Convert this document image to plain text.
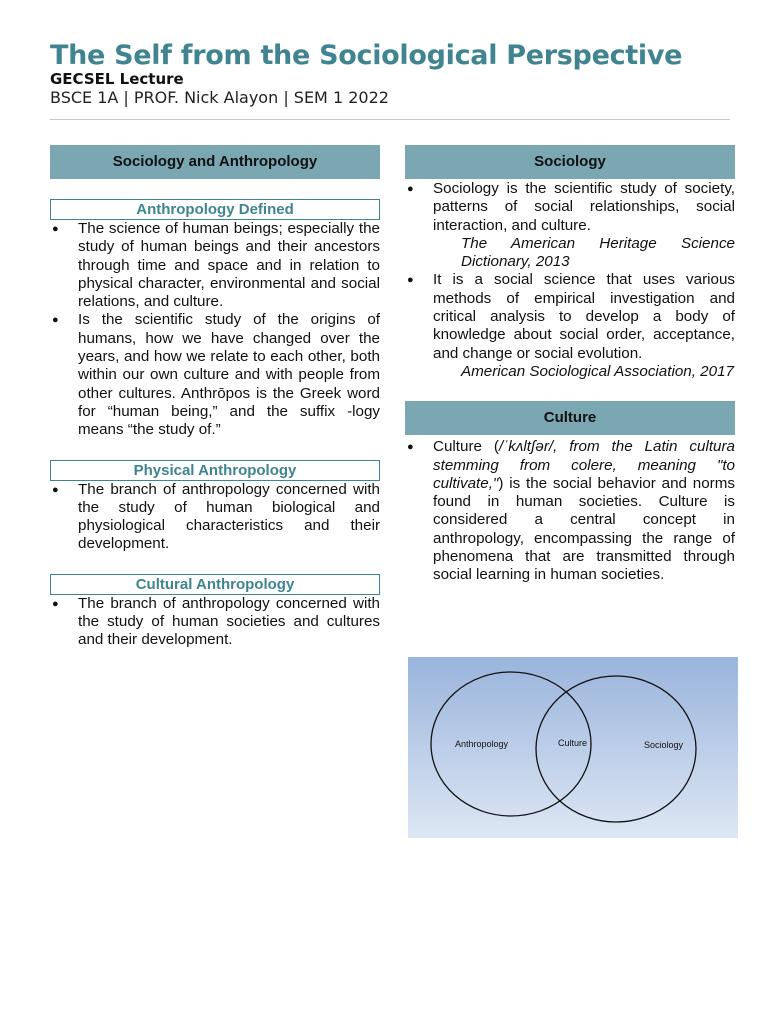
The Self from the Sociological Perspective
GECSEL Lecture
BSCE 1A | PROF. Nick Alayon | SEM 1 2022
Sociology and Anthropology
Anthropology Defined
● The science of human beings; especially the study of human beings and their ancestors through time and space and in relation to physical character, environmental and social relations, and culture.
● Is the scientific study of the origins of humans, how we have changed over the years, and how we relate to each other, both within our own culture and with people from other cultures. Anthrōpos is the Greek word for “human being,” and the suffix -logy means “the study of.”
Physical Anthropology
● The branch of anthropology concerned with the study of human biological and physiological characteristics and their development.
Cultural Anthropology
● The branch of anthropology concerned with the study of human societies and cultures and their development.
Sociology
● Sociology is the scientific study of society, patterns of social relationships, social interaction, and culture.
The American Heritage Science Dictionary, 2013
● It is a social science that uses various methods of empirical investigation and critical analysis to develop a body of knowledge about social order, acceptance, and change or social evolution.
American Sociological Association, 2017
Culture
● Culture (/ˈkʌltʃər/, from the Latin cultura stemming from colere, meaning "to cultivate,") is the social behavior and norms found in human societies. Culture is considered a central concept in anthropology, encompassing the range of phenomena that are transmitted through social learning in human societies.
Anthropology	Culture	Sociology
